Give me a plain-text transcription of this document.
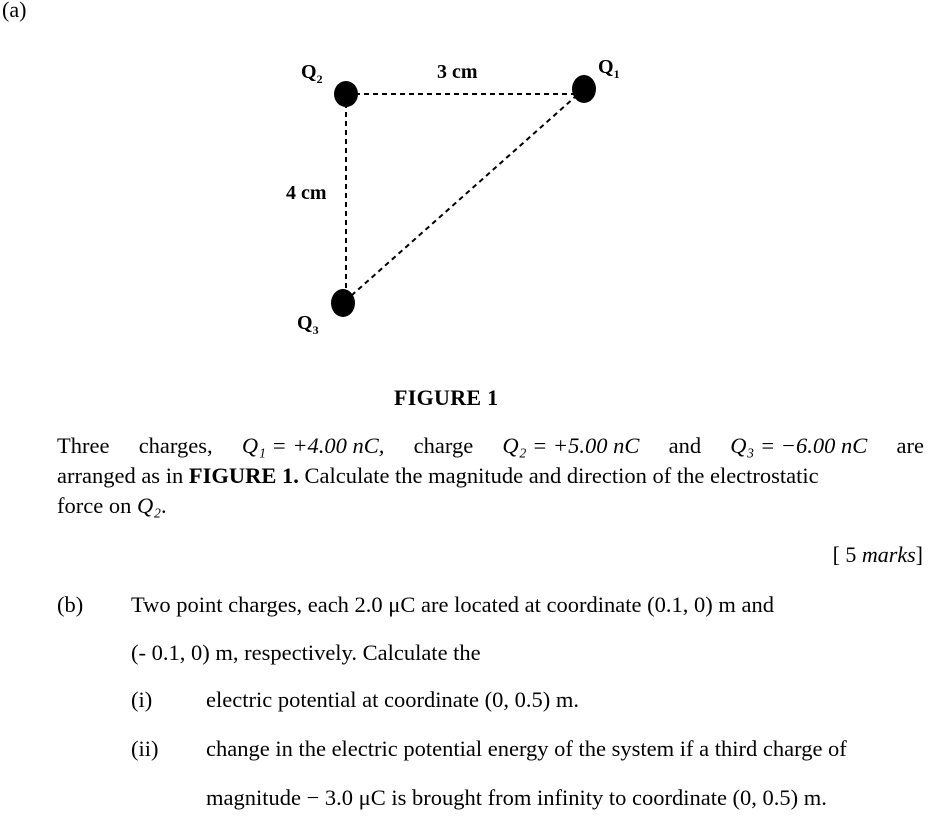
(a)
$Q_2$
$Q_1$
$Q_3$
3 cm
4 cm
FIGURE 1
Three charges, Q₁ = +4.00 nC, charge Q₂ = +5.00 nC and Q₃ = −6.00 nC are
arranged as in FIGURE 1. Calculate the magnitude and direction of the electrostatic
force on Q₂.
[ 5 marks]
(b) Two point charges, each 2.0 μC are located at coordinate (0.1, 0) m and
(- 0.1, 0) m, respectively. Calculate the
(i) electric potential at coordinate (0, 0.5) m.
(ii) change in the electric potential energy of the system if a third charge of
magnitude − 3.0 μC is brought from infinity to coordinate (0, 0.5) m.
